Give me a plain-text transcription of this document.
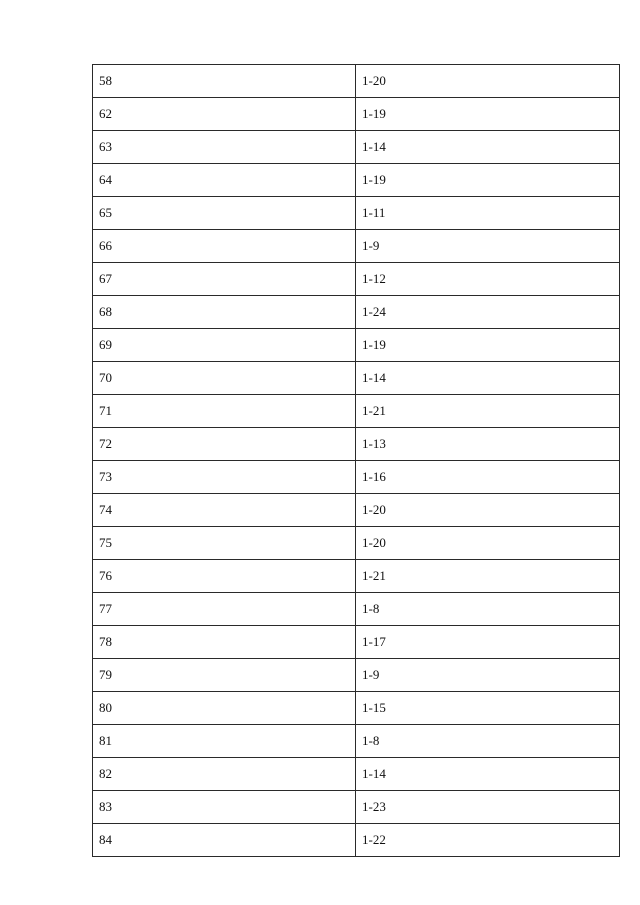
58	1-20
62	1-19
63	1-14
64	1-19
65	1-11
66	1-9
67	1-12
68	1-24
69	1-19
70	1-14
71	1-21
72	1-13
73	1-16
74	1-20
75	1-20
76	1-21
77	1-8
78	1-17
79	1-9
80	1-15
81	1-8
82	1-14
83	1-23
84	1-22
